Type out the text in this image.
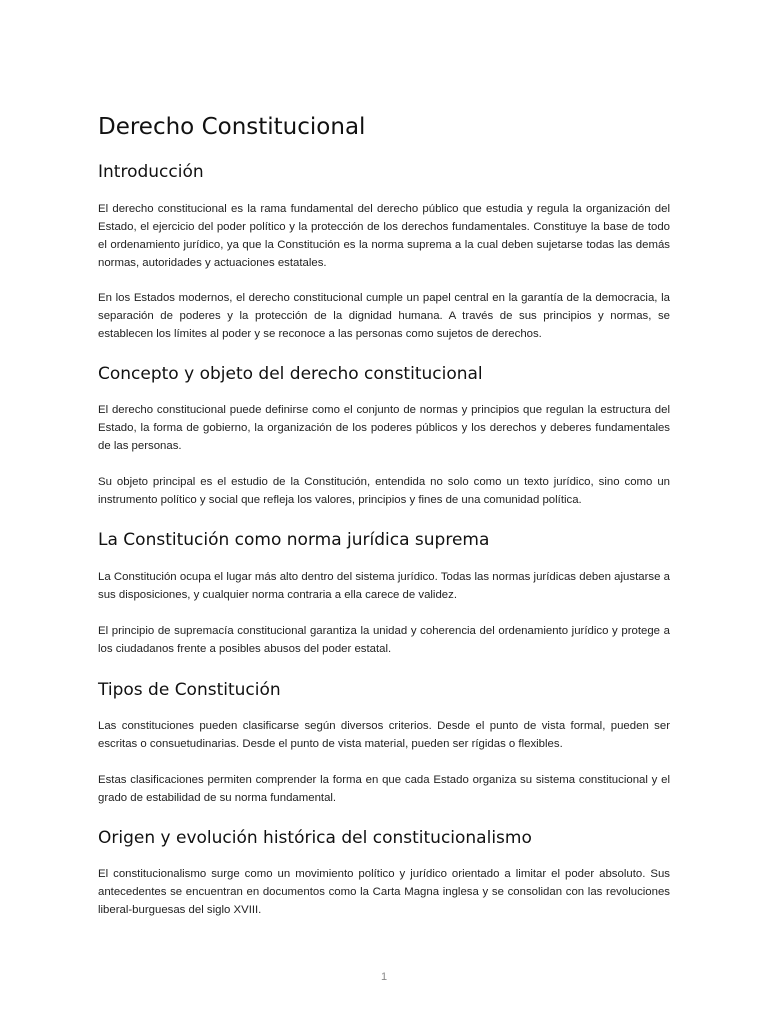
Derecho Constitucional
Introducción

El derecho constitucional es la rama fundamental del derecho público que estudia y regula la organización del Estado, el ejercicio del poder político y la protección de los derechos fundamentales. Constituye la base de todo el ordenamiento jurídico, ya que la Constitución es la norma suprema a la cual deben sujetarse todas las demás normas, autoridades y actuaciones estatales.

En los Estados modernos, el derecho constitucional cumple un papel central en la garantía de la democracia, la separación de poderes y la protección de la dignidad humana. A través de sus principios y normas, se establecen los límites al poder y se reconoce a las personas como sujetos de derechos.

Concepto y objeto del derecho constitucional

El derecho constitucional puede definirse como el conjunto de normas y principios que regulan la estructura del Estado, la forma de gobierno, la organización de los poderes públicos y los derechos y deberes fundamentales de las personas.

Su objeto principal es el estudio de la Constitución, entendida no solo como un texto jurídico, sino como un instrumento político y social que refleja los valores, principios y fines de una comunidad política.

La Constitución como norma jurídica suprema

La Constitución ocupa el lugar más alto dentro del sistema jurídico. Todas las normas jurídicas deben ajustarse a sus disposiciones, y cualquier norma contraria a ella carece de validez.

El principio de supremacía constitucional garantiza la unidad y coherencia del ordenamiento jurídico y protege a los ciudadanos frente a posibles abusos del poder estatal.

Tipos de Constitución

Las constituciones pueden clasificarse según diversos criterios. Desde el punto de vista formal, pueden ser escritas o consuetudinarias. Desde el punto de vista material, pueden ser rígidas o flexibles.

Estas clasificaciones permiten comprender la forma en que cada Estado organiza su sistema constitucional y el grado de estabilidad de su norma fundamental.

Origen y evolución histórica del constitucionalismo

El constitucionalismo surge como un movimiento político y jurídico orientado a limitar el poder absoluto. Sus antecedentes se encuentran en documentos como la Carta Magna inglesa y se consolidan con las revoluciones liberal-burguesas del siglo XVIII.

1
